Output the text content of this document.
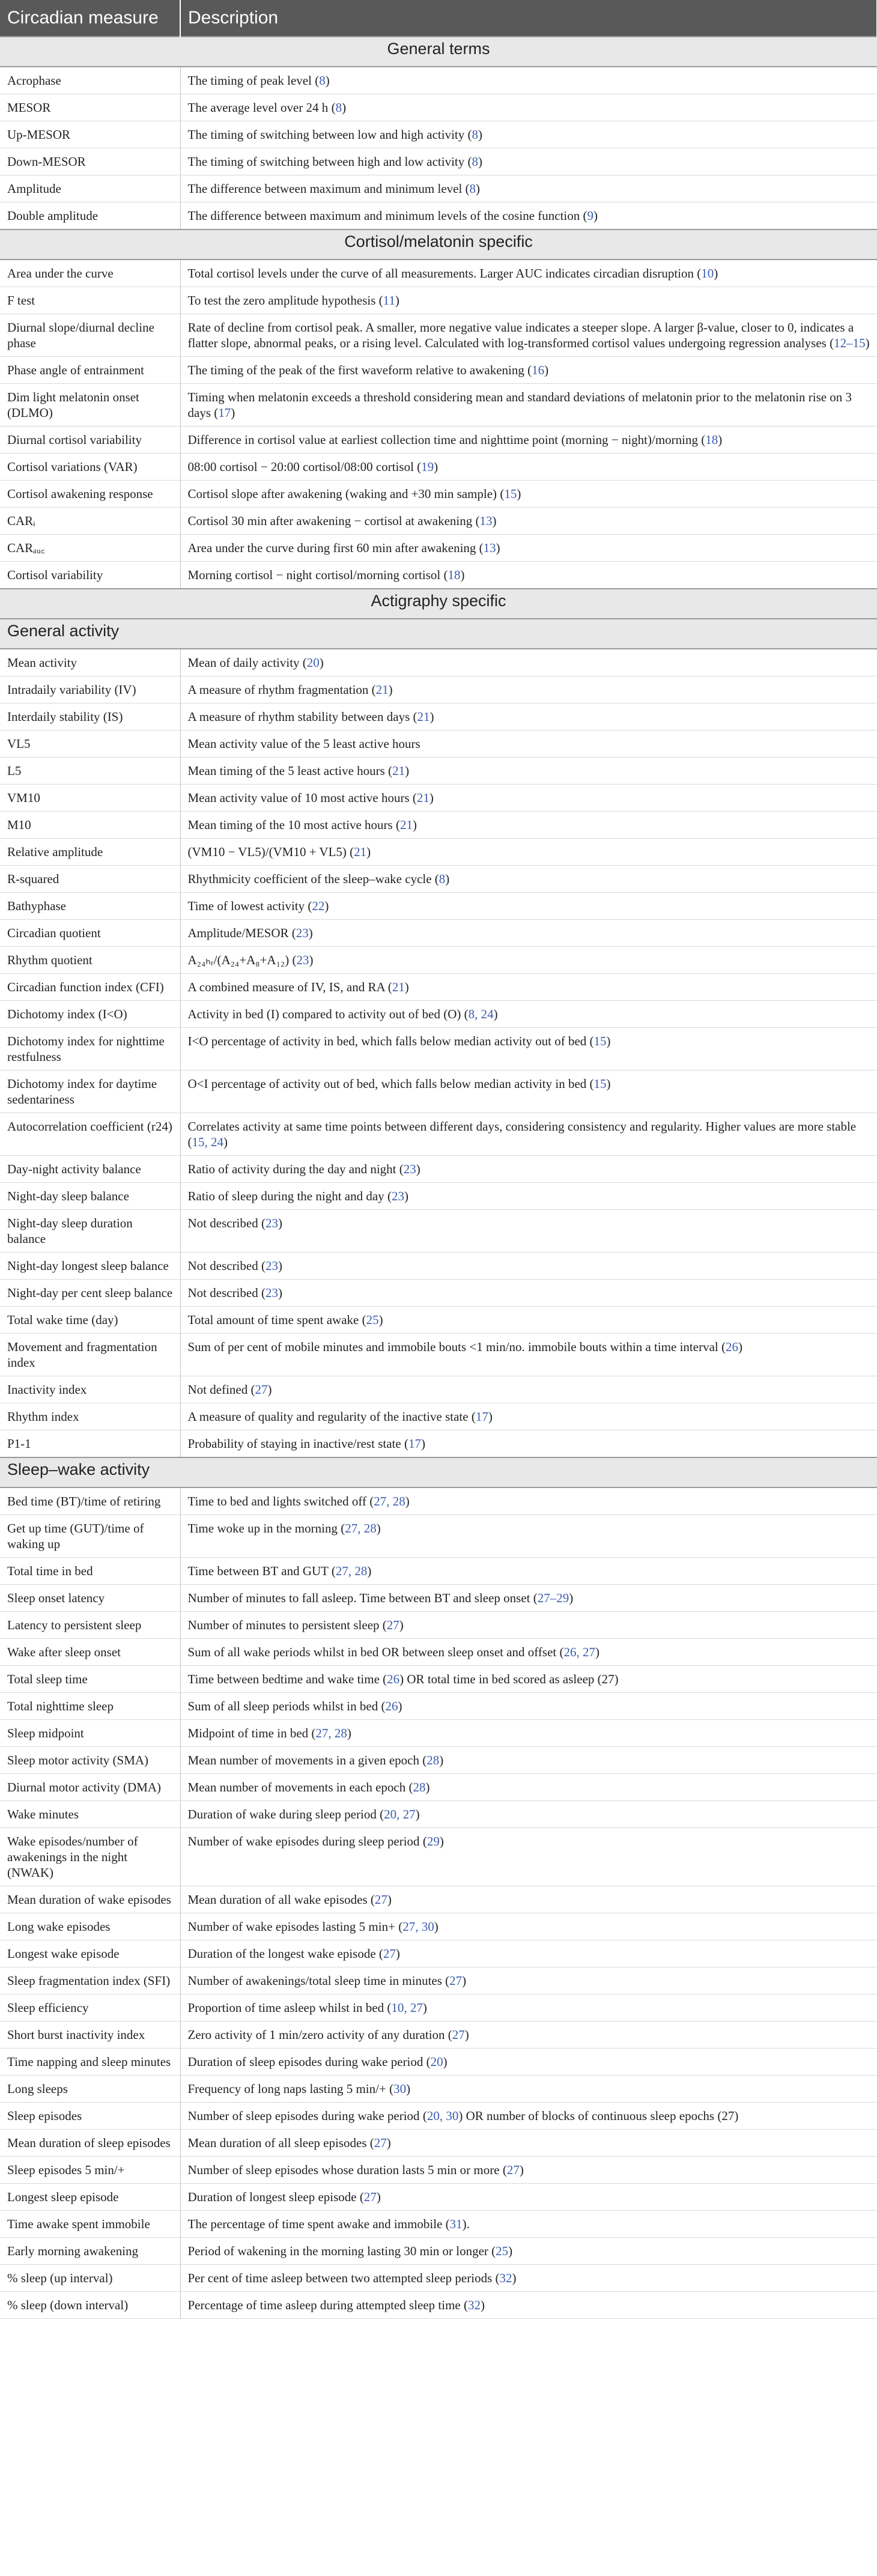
Circadian measure	Description
General terms	
Acrophase	The timing of peak level (8)
MESOR	The average level over 24 h (8)
Up-MESOR	The timing of switching between low and high activity (8)
Down-MESOR	The timing of switching between high and low activity (8)
Amplitude	The difference between maximum and minimum level (8)
Double amplitude	The difference between maximum and minimum levels of the cosine function (9)
Cortisol/melatonin specific	
Area under the curve	Total cortisol levels under the curve of all measurements. Larger AUC indicates circadian disruption (10)
F test	To test the zero amplitude hypothesis (11)
Diurnal slope/diurnal decline phase	Rate of decline from cortisol peak. A smaller, more negative value indicates a steeper slope. A larger β-value, closer to 0, indicates a flatter slope, abnormal peaks, or a rising level. Calculated with log-transformed cortisol values undergoing regression analyses (12–15)
Phase angle of entrainment	The timing of the peak of the first waveform relative to awakening (16)
Dim light melatonin onset (DLMO)	Timing when melatonin exceeds a threshold considering mean and standard deviations of melatonin prior to the melatonin rise on 3 days (17)
Diurnal cortisol variability	Difference in cortisol value at earliest collection time and nighttime point (morning − night)/morning (18)
Cortisol variations (VAR)	08:00 cortisol − 20:00 cortisol/08:00 cortisol (19)
Cortisol awakening response	Cortisol slope after awakening (waking and +30 min sample) (15)
CARᵢ	Cortisol 30 min after awakening − cortisol at awakening (13)
CARₐᵤ꜀	Area under the curve during first 60 min after awakening (13)
Cortisol variability	Morning cortisol − night cortisol/morning cortisol (18)
Actigraphy specific	
General activity	
Mean activity	Mean of daily activity (20)
Intradaily variability (IV)	A measure of rhythm fragmentation (21)
Interdaily stability (IS)	A measure of rhythm stability between days (21)
VL5	Mean activity value of the 5 least active hours
L5	Mean timing of the 5 least active hours (21)
VM10	Mean activity value of 10 most active hours (21)
M10	Mean timing of the 10 most active hours (21)
Relative amplitude	(VM10 − VL5)/(VM10 + VL5) (21)
R-squared	Rhythmicity coefficient of the sleep–wake cycle (8)
Bathyphase	Time of lowest activity (22)
Circadian quotient	Amplitude/MESOR (23)
Rhythm quotient	A₂₄ₕᵣ/(A₂₄+A₈+A₁₂) (23)
Circadian function index (CFI)	A combined measure of IV, IS, and RA (21)
Dichotomy index (I<O)	Activity in bed (I) compared to activity out of bed (O) (8, 24)
Dichotomy index for nighttime restfulness	I<O percentage of activity in bed, which falls below median activity out of bed (15)
Dichotomy index for daytime sedentariness	O<I percentage of activity out of bed, which falls below median activity in bed (15)
Autocorrelation coefficient (r24)	Correlates activity at same time points between different days, considering consistency and regularity. Higher values are more stable (15, 24)
Day-night activity balance	Ratio of activity during the day and night (23)
Night-day sleep balance	Ratio of sleep during the night and day (23)
Night-day sleep duration balance	Not described (23)
Night-day longest sleep balance	Not described (23)
Night-day per cent sleep balance	Not described (23)
Total wake time (day)	Total amount of time spent awake (25)
Movement and fragmentation index	Sum of per cent of mobile minutes and immobile bouts <1 min/no. immobile bouts within a time interval (26)
Inactivity index	Not defined (27)
Rhythm index	A measure of quality and regularity of the inactive state (17)
P1-1	Probability of staying in inactive/rest state (17)
Sleep–wake activity	
Bed time (BT)/time of retiring	Time to bed and lights switched off (27, 28)
Get up time (GUT)/time of waking up	Time woke up in the morning (27, 28)
Total time in bed	Time between BT and GUT (27, 28)
Sleep onset latency	Number of minutes to fall asleep. Time between BT and sleep onset (27–29)
Latency to persistent sleep	Number of minutes to persistent sleep (27)
Wake after sleep onset	Sum of all wake periods whilst in bed OR between sleep onset and offset (26, 27)
Total sleep time	Time between bedtime and wake time (26) OR total time in bed scored as asleep (27)
Total nighttime sleep	Sum of all sleep periods whilst in bed (26)
Sleep midpoint	Midpoint of time in bed (27, 28)
Sleep motor activity (SMA)	Mean number of movements in a given epoch (28)
Diurnal motor activity (DMA)	Mean number of movements in each epoch (28)
Wake minutes	Duration of wake during sleep period (20, 27)
Wake episodes/number of awakenings in the night (NWAK)	Number of wake episodes during sleep period (29)
Mean duration of wake episodes	Mean duration of all wake episodes (27)
Long wake episodes	Number of wake episodes lasting 5 min+ (27, 30)
Longest wake episode	Duration of the longest wake episode (27)
Sleep fragmentation index (SFI)	Number of awakenings/total sleep time in minutes (27)
Sleep efficiency	Proportion of time asleep whilst in bed (10, 27)
Short burst inactivity index	Zero activity of 1 min/zero activity of any duration (27)
Time napping and sleep minutes	Duration of sleep episodes during wake period (20)
Long sleeps	Frequency of long naps lasting 5 min/+ (30)
Sleep episodes	Number of sleep episodes during wake period (20, 30) OR number of blocks of continuous sleep epochs (27)
Mean duration of sleep episodes	Mean duration of all sleep episodes (27)
Sleep episodes 5 min/+	Number of sleep episodes whose duration lasts 5 min or more (27)
Longest sleep episode	Duration of longest sleep episode (27)
Time awake spent immobile	The percentage of time spent awake and immobile (31).
Early morning awakening	Period of wakening in the morning lasting 30 min or longer (25)
% sleep (up interval)	Per cent of time asleep between two attempted sleep periods (32)
% sleep (down interval)	Percentage of time asleep during attempted sleep time (32)
